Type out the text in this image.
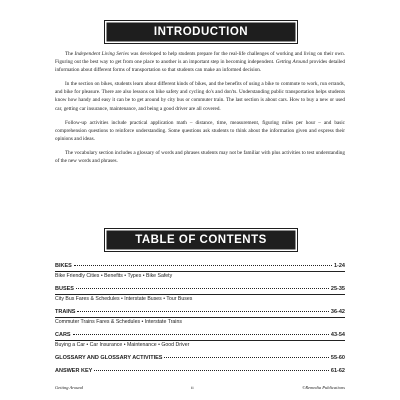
INTRODUCTION

The Independent Living Series was developed to help students prepare for the real-life challenges of working and living on their own. Figuring out the best way to get from one place to another is an important step in becoming independent. Getting Around provides detailed information about different forms of transportation so that students can make an informed decision.

In the section on bikes, students learn about different kinds of bikes, and the benefits of using a bike to commute to work, run errands, and bike for pleasure. There are also lessons on bike safety and cycling do's and don'ts. Understanding public transportation helps students know how handy and easy it can be to get around by city bus or commuter train. The last section is about cars. How to buy a new or used car, getting car insurance, maintenance, and being a good driver are all covered.

Follow-up activities include practical application math – distance, time, measurement, figuring miles per hour – and basic comprehension questions to reinforce understanding. Some questions ask students to think about the information given and express their opinions and ideas.

The vocabulary section includes a glossary of words and phrases students may not be familiar with plus activities to test understanding of the new words and phrases.

TABLE OF CONTENTS
BIKES	1-24
Bike Friendly Cities • Benefits • Types • Bike Safety
BUSES	25-35
City Bus Fares & Schedules • Interstate Buses • Tour Buses
TRAINS	36-42
Commuter Trains Fares & Schedules • Interstate Trains
CARS	43-54
Buying a Car • Car Insurance • Maintenance • Good Driver
GLOSSARY AND GLOSSARY ACTIVITIES	55-60
ANSWER KEY	61-62
Getting Around	ii	©Remedia Publications
